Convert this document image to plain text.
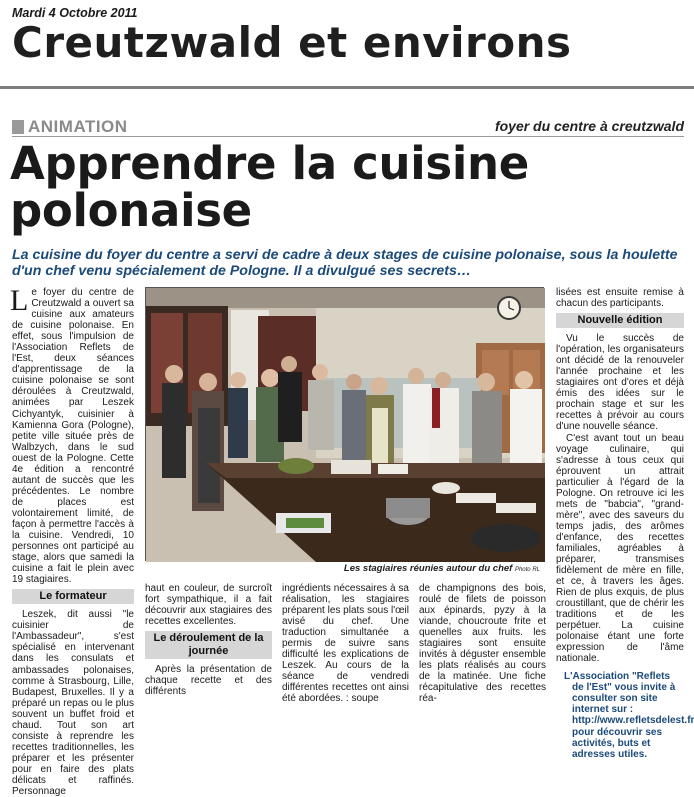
Mardi 4 Octobre 2011
Creutzwald et environs
ANIMATION	foyer du centre à creutzwald
Apprendre la cuisine
polonaise
La cuisine du foyer du centre a servi de cadre à deux stages de cuisine polonaise, sous la houlette d'un chef venu spécialement de Pologne. Il a divulgué ses secrets…

Le foyer du centre de Creutzwald a ouvert sa cuisine aux amateurs de cuisine polonaise. En effet, sous l'impulsion de l'Association Reflets de l'Est, deux séances d'apprentissage de la cuisine polonaise se sont déroulées à Creutzwald, animées par Leszek Cichyantyk, cuisinier à Kamienna Gora (Pologne), petite ville située près de Walbzych, dans le sud ouest de la Pologne. Cette 4e édition a rencontré autant de succès que les précédentes. Le nombre de places est volontairement limité, de façon à permettre l'accès à la cuisine. Vendredi, 10 personnes ont participé au stage, alors que samedi la cuisine a fait le plein avec 19 stagiaires.

Le formateur

Leszek, dit aussi "le cuisinier de l'Ambassadeur", s'est spécialisé en intervenant dans les consulats et ambassades polonaises, comme à Strasbourg, Lille, Budapest, Bruxelles. Il y a préparé un repas ou le plus souvent un buffet froid et chaud. Tout son art consiste à reprendre les recettes traditionnelles, les préparer et les présenter pour en faire des plats délicats et raffinés. Personnage

Les stagiaires réunies autour du chef Photo RL

haut en couleur, de surcroît fort sympathique, il a fait découvrir aux stagiaires des recettes excellentes.

Le déroulement de la journée

Après la présentation de chaque recette et des différents

ingrédients nécessaires à sa réalisation, les stagiaires préparent les plats sous l'œil avisé du chef. Une traduction simultanée a permis de suivre sans difficulté les explications de Leszek. Au cours de la séance de vendredi différentes recettes ont ainsi été abordées. : soupe

de champignons des bois, roulé de filets de poisson aux épinards, pyzy à la viande, choucroute frite et quenelles aux fruits. les stagiaires sont ensuite invités à déguster ensemble les plats réalisés au cours de la matinée. Une fiche récapitulative des recettes réa-

lisées est ensuite remise à chacun des participants.

Nouvelle édition

Vu le succès de l'opération, les organisateurs ont décidé de la renouveler l'année prochaine et les stagiaires ont d'ores et déjà émis des idées sur le prochain stage et sur les recettes à prévoir au cours d'une nouvelle séance.

C'est avant tout un beau voyage culinaire, qui s'adresse à tous ceux qui éprouvent un attrait particulier à l'égard de la Pologne. On retrouve ici les mets de "babcia", "grand-mère", avec des saveurs du temps jadis, des arômes d'enfance, des recettes familiales, agréables à préparer, transmises fidèlement de mère en fille, et ce, à travers les âges. Rien de plus exquis, de plus croustillant, que de chérir les traditions et de les perpétuer. La cuisine polonaise étant une forte expression de l'âme nationale.

L'Association "Reflets de l'Est" vous invite à consulter son site internet sur : http://www.refletsdelest.fr pour découvrir ses activités, buts et adresses utiles.
